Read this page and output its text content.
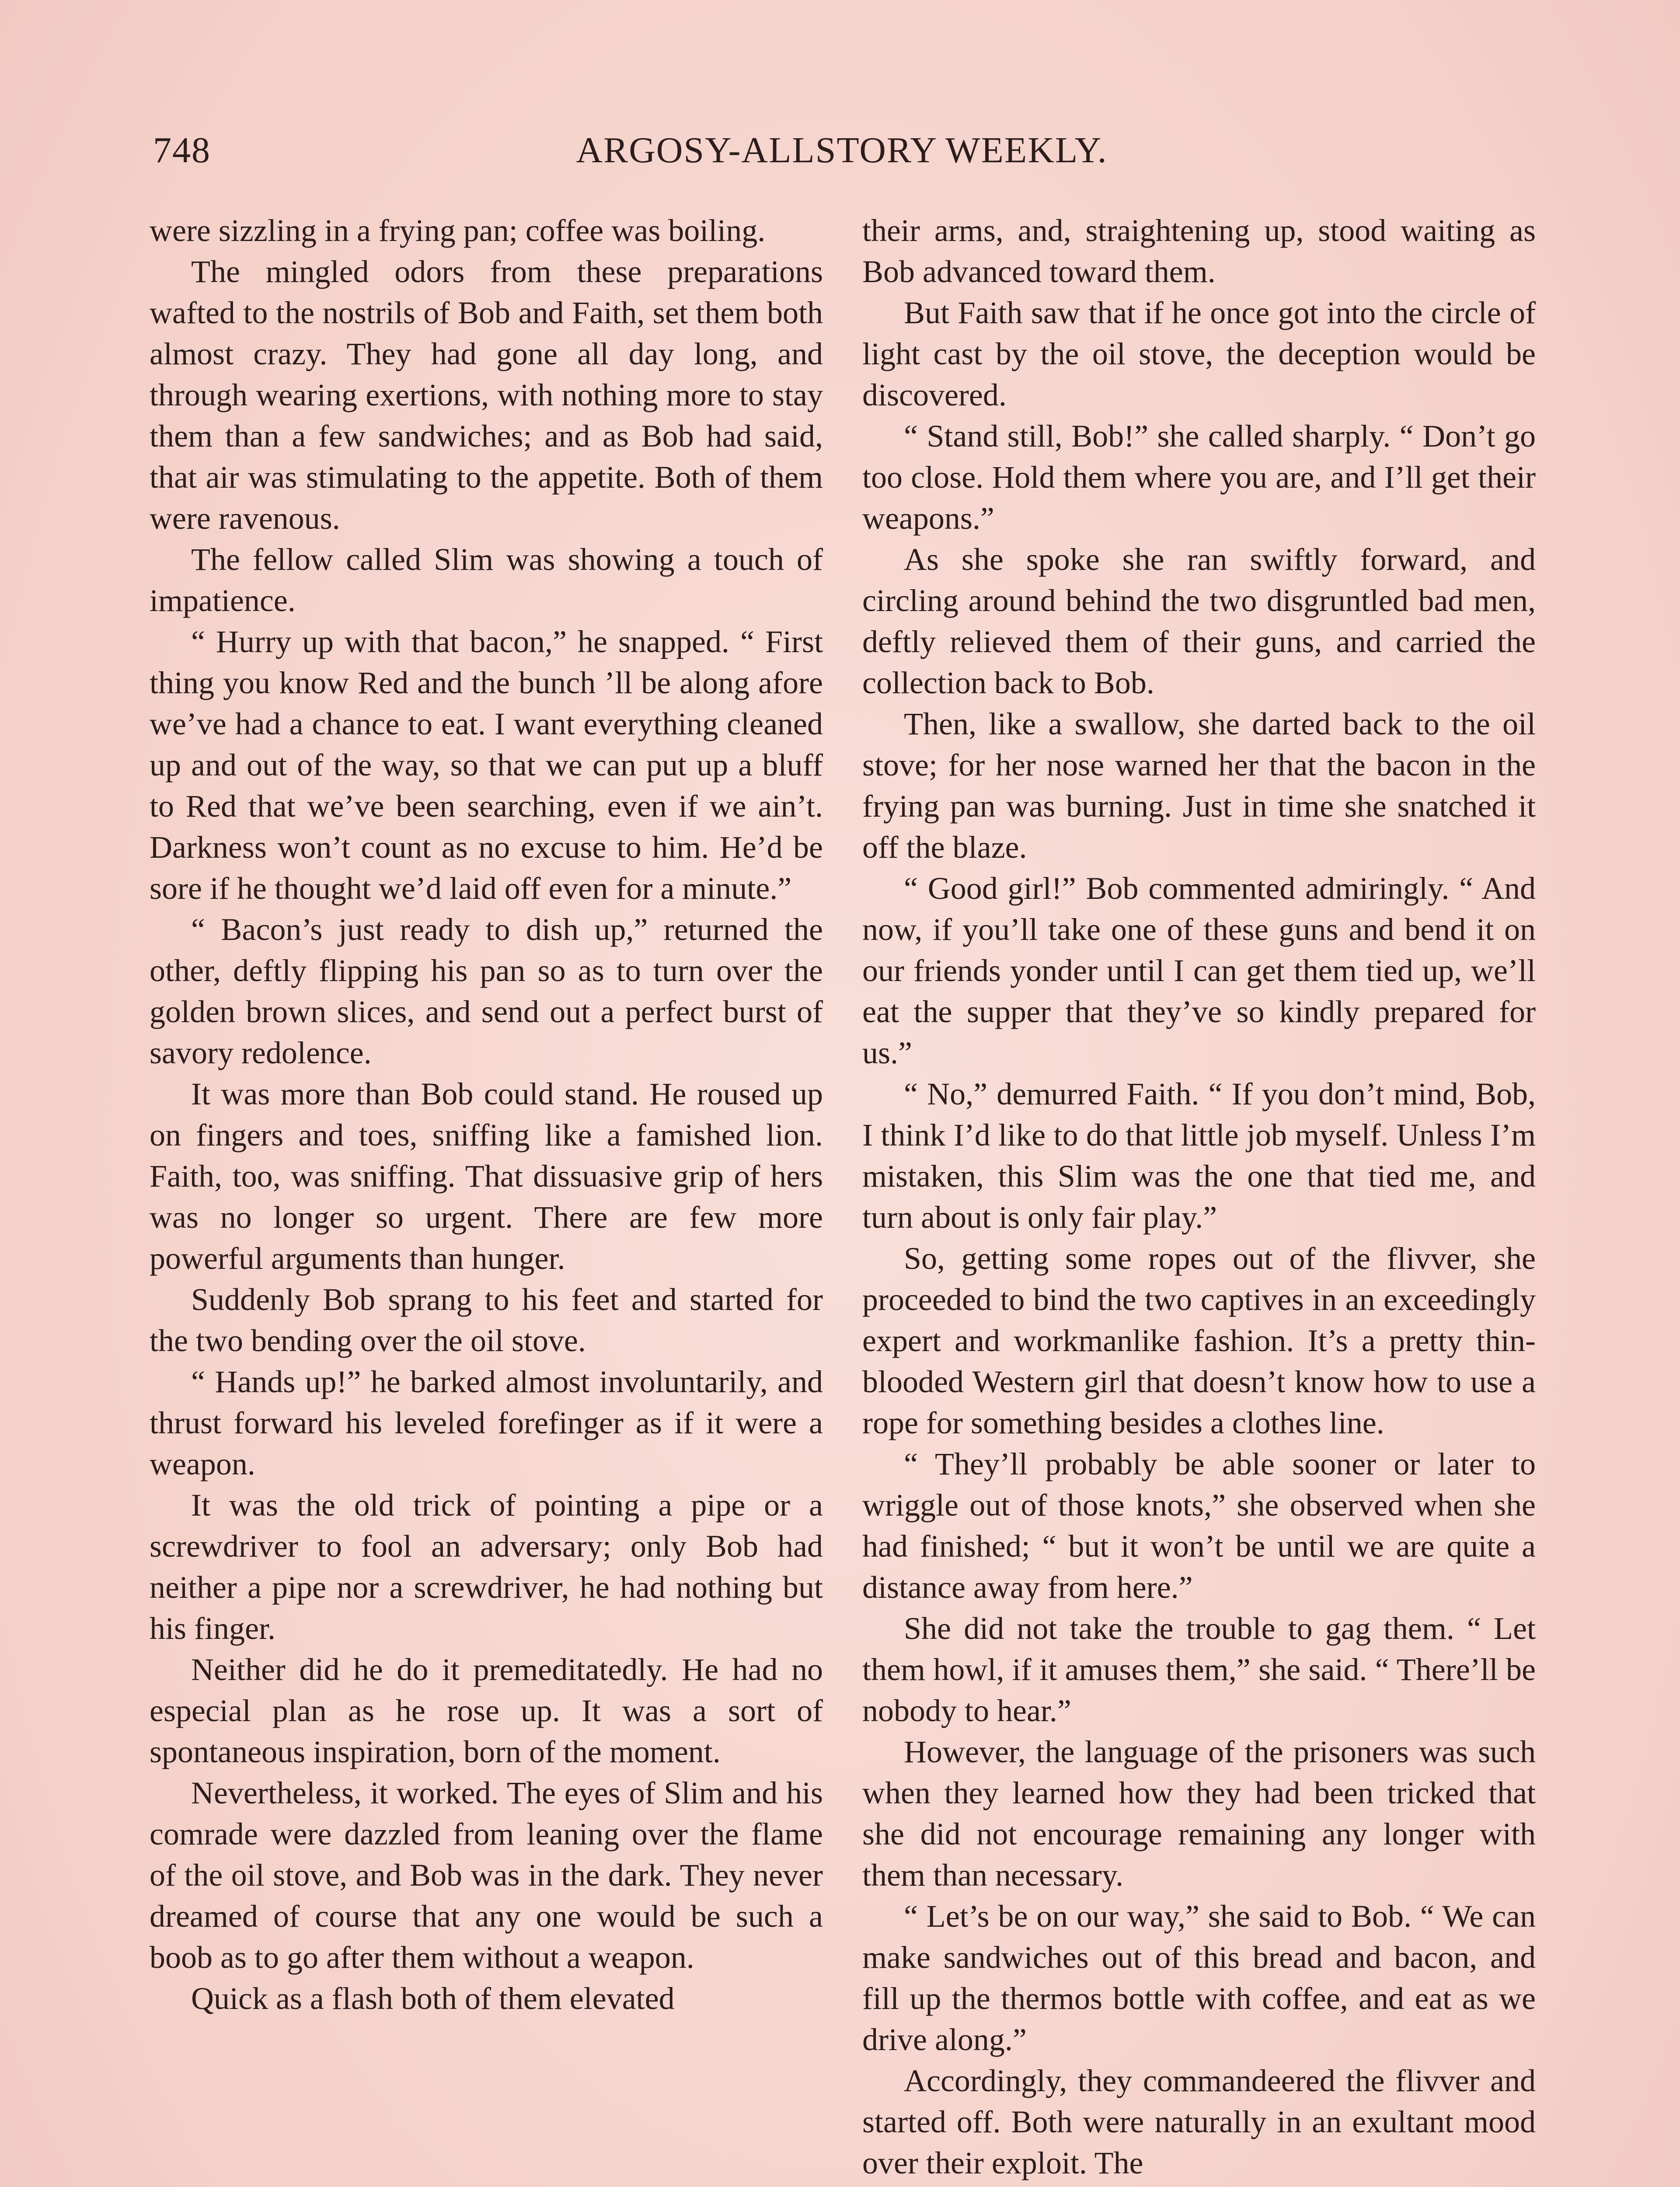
748	ARGOSY-ALLSTORY WEEKLY.

were sizzling in a frying pan; coffee was boiling.

The mingled odors from these preparations wafted to the nostrils of Bob and Faith, set them both almost crazy. They had gone all day long, and through wearing exertions, with nothing more to stay them than a few sandwiches; and as Bob had said, that air was stimulating to the appetite. Both of them were ravenous.

The fellow called Slim was showing a touch of impatience.

“ Hurry up with that bacon,” he snapped. “ First thing you know Red and the bunch ’ll be along afore we’ve had a chance to eat. I want everything cleaned up and out of the way, so that we can put up a bluff to Red that we’ve been searching, even if we ain’t. Darkness won’t count as no excuse to him. He’d be sore if he thought we’d laid off even for a minute.”

“ Bacon’s just ready to dish up,” returned the other, deftly flipping his pan so as to turn over the golden brown slices, and send out a perfect burst of savory redolence.

It was more than Bob could stand. He roused up on fingers and toes, sniffing like a famished lion. Faith, too, was sniffing. That dissuasive grip of hers was no longer so urgent. There are few more powerful arguments than hunger.

Suddenly Bob sprang to his feet and started for the two bending over the oil stove.

“ Hands up!” he barked almost involuntarily, and thrust forward his leveled forefinger as if it were a weapon.

It was the old trick of pointing a pipe or a screwdriver to fool an adversary; only Bob had neither a pipe nor a screwdriver, he had nothing but his finger.

Neither did he do it premeditatedly. He had no especial plan as he rose up. It was a sort of spontaneous inspiration, born of the moment.

Nevertheless, it worked. The eyes of Slim and his comrade were dazzled from leaning over the flame of the oil stove, and Bob was in the dark. They never dreamed of course that any one would be such a boob as to go after them without a weapon.

Quick as a flash both of them elevated

their arms, and, straightening up, stood waiting as Bob advanced toward them.

But Faith saw that if he once got into the circle of light cast by the oil stove, the deception would be discovered.

“ Stand still, Bob!” she called sharply. “ Don’t go too close. Hold them where you are, and I’ll get their weapons.”

As she spoke she ran swiftly forward, and circling around behind the two disgruntled bad men, deftly relieved them of their guns, and carried the collection back to Bob.

Then, like a swallow, she darted back to the oil stove; for her nose warned her that the bacon in the frying pan was burning. Just in time she snatched it off the blaze.

“ Good girl!” Bob commented admiringly. “ And now, if you’ll take one of these guns and bend it on our friends yonder until I can get them tied up, we’ll eat the supper that they’ve so kindly prepared for us.”

“ No,” demurred Faith. “ If you don’t mind, Bob, I think I’d like to do that little job myself. Unless I’m mistaken, this Slim was the one that tied me, and turn about is only fair play.”

So, getting some ropes out of the flivver, she proceeded to bind the two captives in an exceedingly expert and workmanlike fashion. It’s a pretty thin-blooded Western girl that doesn’t know how to use a rope for something besides a clothes line.

“ They’ll probably be able sooner or later to wriggle out of those knots,” she observed when she had finished; “ but it won’t be until we are quite a distance away from here.”

She did not take the trouble to gag them. “ Let them howl, if it amuses them,” she said. “ There’ll be nobody to hear.”

However, the language of the prisoners was such when they learned how they had been tricked that she did not encourage remaining any longer with them than necessary.

“ Let’s be on our way,” she said to Bob. “ We can make sandwiches out of this bread and bacon, and fill up the thermos bottle with coffee, and eat as we drive along.”

Accordingly, they commandeered the flivver and started off. Both were naturally in an exultant mood over their exploit. The
